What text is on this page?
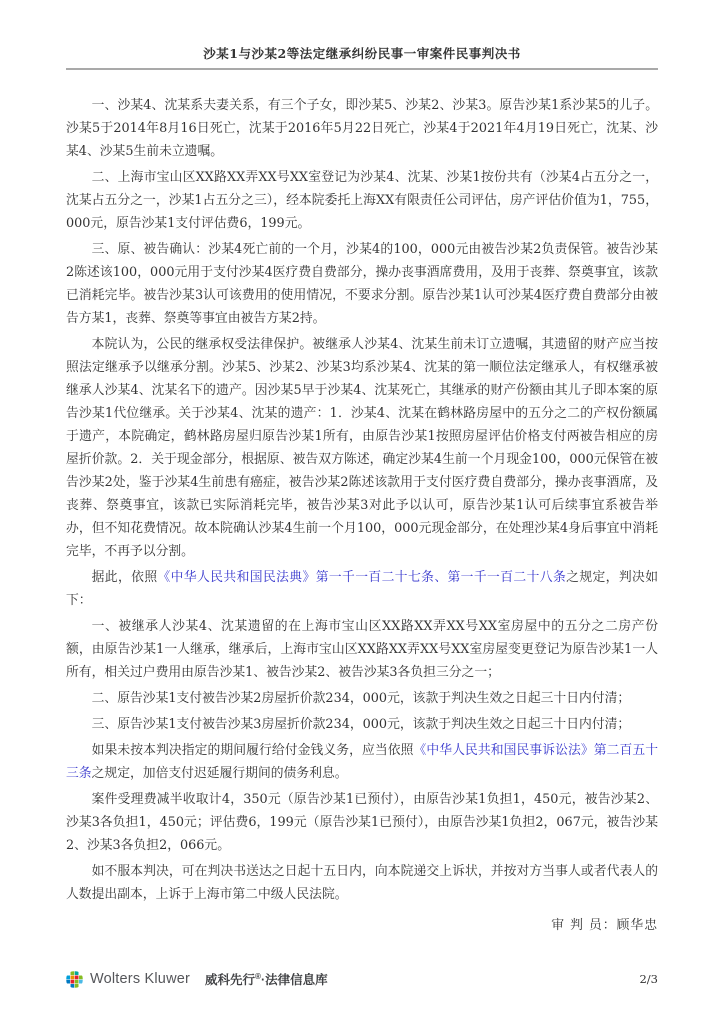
沙某1与沙某2等法定继承纠纷民事一审案件民事判决书

一、沙某4、沈某系夫妻关系，有三个子女，即沙某5、沙某2、沙某3。原告沙某1系沙某5的儿子。沙某5于2014年8月16日死亡，沈某于2016年5月22日死亡，沙某4于2021年4月19日死亡，沈某、沙某4、沙某5生前未立遗嘱。

二、上海市宝山区XX路XX弄XX号XX室登记为沙某4、沈某、沙某1按份共有（沙某4占五分之一，沈某占五分之一，沙某1占五分之三），经本院委托上海XX有限责任公司评估，房产评估价值为1，755，000元，原告沙某1支付评估费6，199元。

三、原、被告确认：沙某4死亡前的一个月，沙某4的100，000元由被告沙某2负责保管。被告沙某2陈述该100，000元用于支付沙某4医疗费自费部分，操办丧事酒席费用，及用于丧葬、祭奠事宜，该款已消耗完毕。被告沙某3认可该费用的使用情况，不要求分割。原告沙某1认可沙某4医疗费自费部分由被告方某1，丧葬、祭奠等事宜由被告方某2持。

本院认为，公民的继承权受法律保护。被继承人沙某4、沈某生前未订立遗嘱，其遗留的财产应当按照法定继承予以继承分割。沙某5、沙某2、沙某3均系沙某4、沈某的第一顺位法定继承人，有权继承被继承人沙某4、沈某名下的遗产。因沙某5早于沙某4、沈某死亡，其继承的财产份额由其儿子即本案的原告沙某1代位继承。关于沙某4、沈某的遗产：1．沙某4、沈某在鹤林路房屋中的五分之二的产权份额属于遗产，本院确定，鹤林路房屋归原告沙某1所有，由原告沙某1按照房屋评估价格支付两被告相应的房屋折价款。2．关于现金部分，根据原、被告双方陈述，确定沙某4生前一个月现金100，000元保管在被告沙某2处，鉴于沙某4生前患有癌症，被告沙某2陈述该款用于支付医疗费自费部分，操办丧事酒席，及丧葬、祭奠事宜，该款已实际消耗完毕，被告沙某3对此予以认可，原告沙某1认可后续事宜系被告举办，但不知花费情况。故本院确认沙某4生前一个月100，000元现金部分，在处理沙某4身后事宜中消耗完毕，不再予以分割。

据此，依照《中华人民共和国民法典》第一千一百二十七条、第一千一百二十八条之规定，判决如下：

一、被继承人沙某4、沈某遗留的在上海市宝山区XX路XX弄XX号XX室房屋中的五分之二房产份额，由原告沙某1一人继承，继承后，上海市宝山区XX路XX弄XX号XX室房屋变更登记为原告沙某1一人所有，相关过户费用由原告沙某1、被告沙某2、被告沙某3各负担三分之一；

二、原告沙某1支付被告沙某2房屋折价款234，000元，该款于判决生效之日起三十日内付清；

三、原告沙某1支付被告沙某3房屋折价款234，000元，该款于判决生效之日起三十日内付清；

如果未按本判决指定的期间履行给付金钱义务，应当依照《中华人民共和国民事诉讼法》第二百五十三条之规定，加倍支付迟延履行期间的债务利息。

案件受理费减半收取计4，350元（原告沙某1已预付），由原告沙某1负担1，450元，被告沙某2、沙某3各负担1，450元；评估费6，199元（原告沙某1已预付），由原告沙某1负担2，067元，被告沙某2、沙某3各负担2，066元。

如不服本判决，可在判决书送达之日起十五日内，向本院递交上诉状，并按对方当事人或者代表人的人数提出副本，上诉于上海市第二中级人民法院。

审 判 员：顾华忠

Wolters Kluwer 威科先行®·法律信息库	2/3
